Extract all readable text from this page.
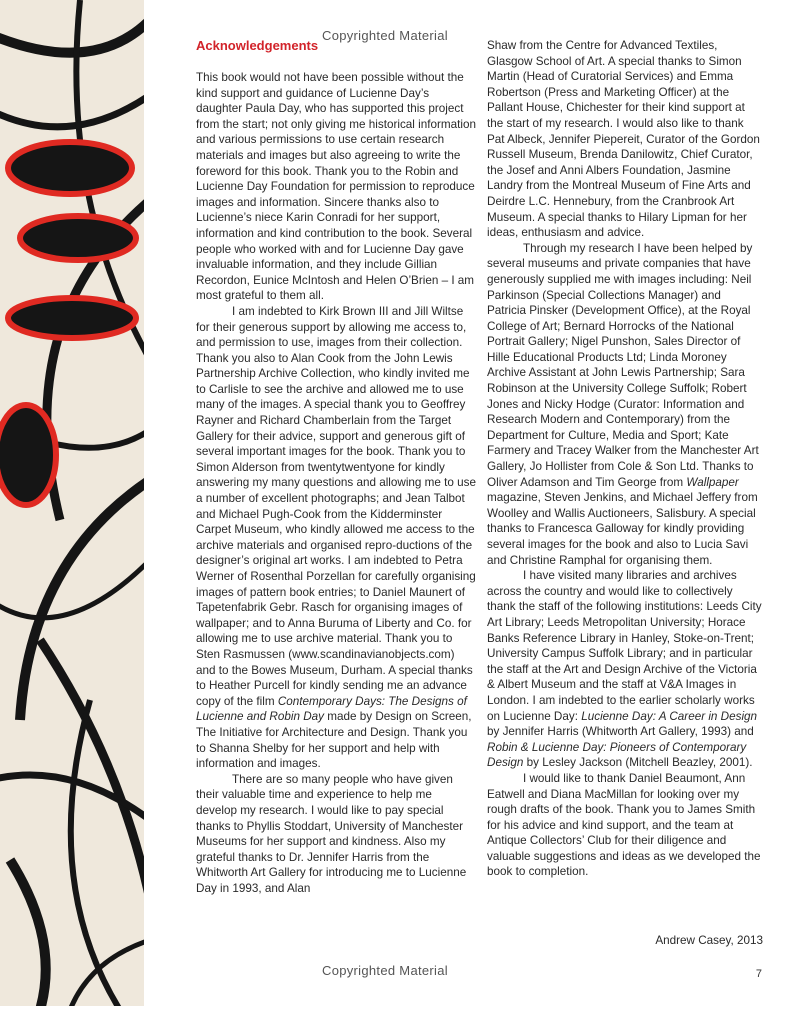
Copyrighted Material
Acknowledgements

This book would not have been possible without the kind support and guidance of Lucienne Day’s daughter Paula Day, who has supported this project from the start; not only giving me historical information and various permissions to use certain research materials and images but also agreeing to write the foreword for this book. Thank you to the Robin and Lucienne Day Foundation for permission to reproduce images and information. Sincere thanks also to Lucienne’s niece Karin Conradi for her support, information and kind contribution to the book. Several people who worked with and for Lucienne Day gave invaluable information, and they include Gillian Recordon, Eunice McIntosh and Helen O’Brien – I am most grateful to them all.

I am indebted to Kirk Brown III and Jill Wiltse for their generous support by allowing me access to, and permission to use, images from their collection. Thank you also to Alan Cook from the John Lewis Partnership Archive Collection, who kindly invited me to Carlisle to see the archive and allowed me to use many of the images. A special thank you to Geoffrey Rayner and Richard Chamberlain from the Target Gallery for their advice, support and generous gift of several important images for the book. Thank you to Simon Alderson from twentytwentyone for kindly answering my many questions and allowing me to use a number of excellent photographs; and Jean Talbot and Michael Pugh-Cook from the Kidderminster Carpet Museum, who kindly allowed me access to the archive materials and organised repro-ductions of the designer’s original art works. I am indebted to Petra Werner of Rosenthal Porzellan for carefully organising images of pattern book entries; to Daniel Maunert of Tapetenfabrik Gebr. Rasch for organising images of wallpaper; and to Anna Buruma of Liberty and Co. for allowing me to use archive material. Thank you to Sten Rasmussen (www.scandinavianobjects.com) and to the Bowes Museum, Durham. A special thanks to Heather Purcell for kindly sending me an advance copy of the film Contemporary Days: The Designs of Lucienne and Robin Day made by Design on Screen, The Initiative for Architecture and Design. Thank you to Shanna Shelby for her support and help with information and images.

There are so many people who have given their valuable time and experience to help me develop my research. I would like to pay special thanks to Phyllis Stoddart, University of Manchester Museums for her support and kindness. Also my grateful thanks to Dr. Jennifer Harris from the Whitworth Art Gallery for introducing me to Lucienne Day in 1993, and Alan

Shaw from the Centre for Advanced Textiles, Glasgow School of Art. A special thanks to Simon Martin (Head of Curatorial Services) and Emma Robertson (Press and Marketing Officer) at the Pallant House, Chichester for their kind support at the start of my research. I would also like to thank Pat Albeck, Jennifer Piepereit, Curator of the Gordon Russell Museum, Brenda Danilowitz, Chief Curator, the Josef and Anni Albers Foundation, Jasmine Landry from the Montreal Museum of Fine Arts and Deirdre L.C. Hennebury, from the Cranbrook Art Museum. A special thanks to Hilary Lipman for her ideas, enthusiasm and advice.

Through my research I have been helped by several museums and private companies that have generously supplied me with images including: Neil Parkinson (Special Collections Manager) and Patricia Pinsker (Development Office), at the Royal College of Art; Bernard Horrocks of the National Portrait Gallery; Nigel Punshon, Sales Director of Hille Educational Products Ltd; Linda Moroney Archive Assistant at John Lewis Partnership; Sara Robinson at the University College Suffolk; Robert Jones and Nicky Hodge (Curator: Information and Research Modern and Contemporary) from the Department for Culture, Media and Sport; Kate Farmery and Tracey Walker from the Manchester Art Gallery, Jo Hollister from Cole & Son Ltd. Thanks to Oliver Adamson and Tim George from Wallpaper magazine, Steven Jenkins, and Michael Jeffery from Woolley and Wallis Auctioneers, Salisbury. A special thanks to Francesca Galloway for kindly providing several images for the book and also to Lucia Savi and Christine Ramphal for organising them.

I have visited many libraries and archives across the country and would like to collectively thank the staff of the following institutions: Leeds City Art Library; Leeds Metropolitan University; Horace Banks Reference Library in Hanley, Stoke-on-Trent; University Campus Suffolk Library; and in particular the staff at the Art and Design Archive of the Victoria & Albert Museum and the staff at V&A Images in London. I am indebted to the earlier scholarly works on Lucienne Day: Lucienne Day: A Career in Design by Jennifer Harris (Whitworth Art Gallery, 1993) and Robin & Lucienne Day: Pioneers of Contemporary Design by Lesley Jackson (Mitchell Beazley, 2001).

I would like to thank Daniel Beaumont, Ann Eatwell and Diana MacMillan for looking over my rough drafts of the book. Thank you to James Smith for his advice and kind support, and the team at Antique Collectors’ Club for their diligence and valuable suggestions and ideas as we developed the book to completion.

Andrew Casey, 2013
Copyrighted Material	7
